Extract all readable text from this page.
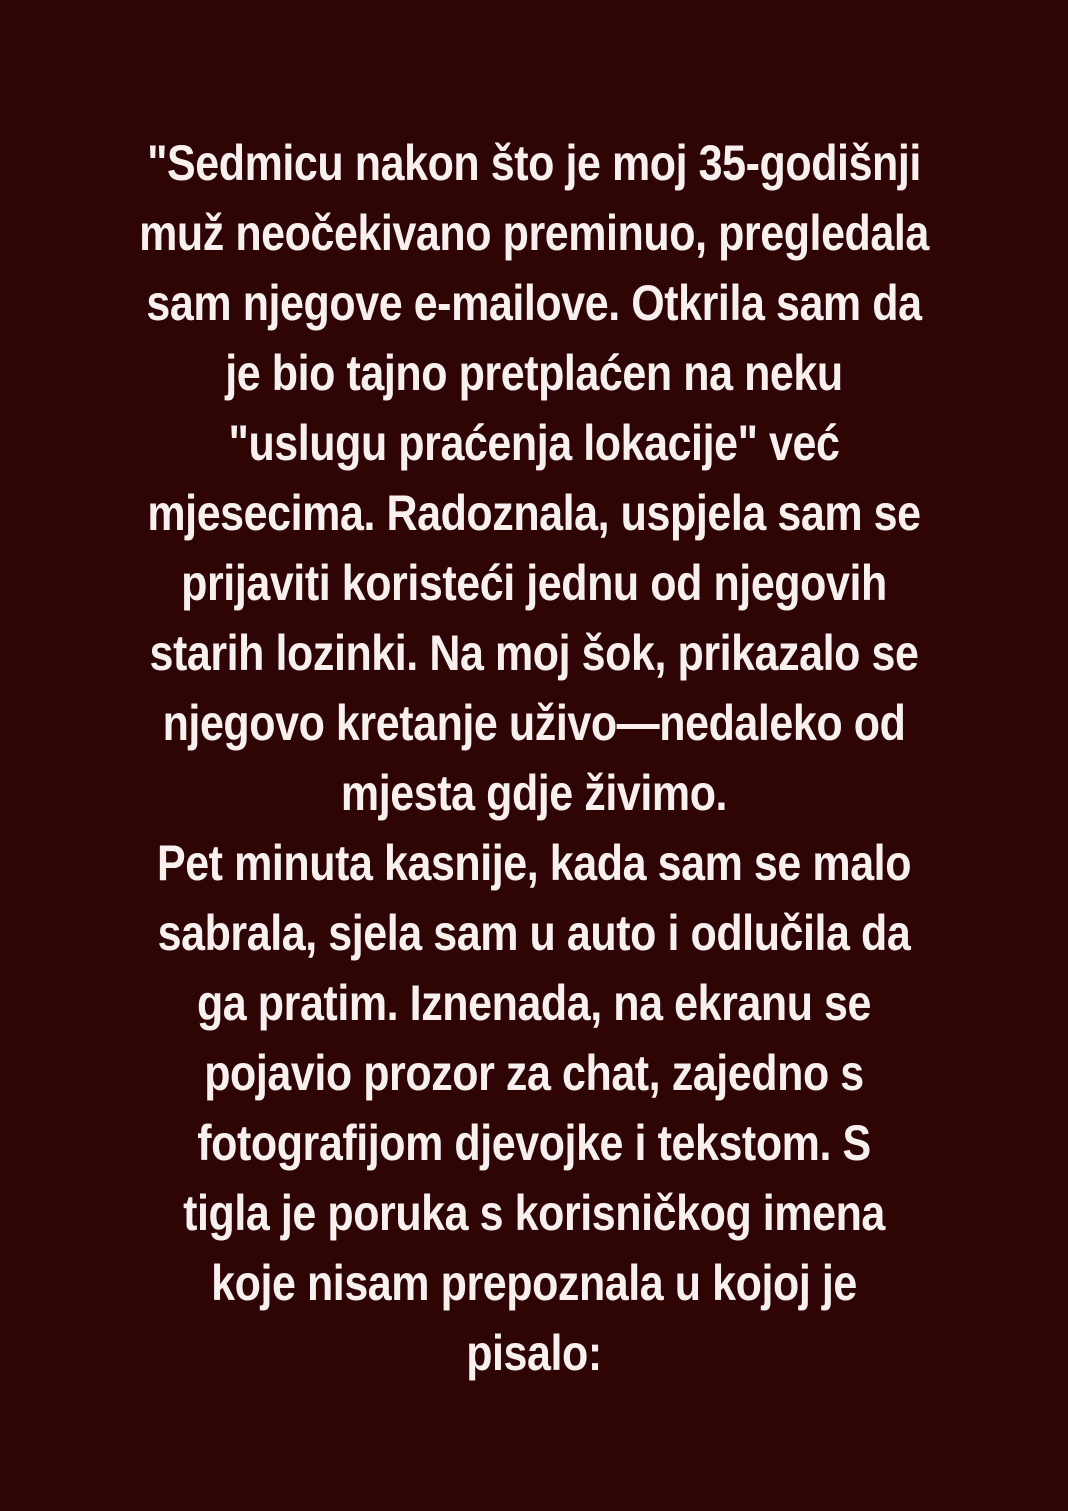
"Sedmicu nakon što je moj 35-godišnji
muž neočekivano preminuo, pregledala
sam njegove e-mailove. Otkrila sam da
je bio tajno pretplaćen na neku
"uslugu praćenja lokacije" već
mjesecima. Radoznala, uspjela sam se
prijaviti koristeći jednu od njegovih
starih lozinki. Na moj šok, prikazalo se
njegovo kretanje uživo—nedaleko od
mjesta gdje živimo.
Pet minuta kasnije, kada sam se malo
sabrala, sjela sam u auto i odlučila da
ga pratim. Iznenada, na ekranu se
pojavio prozor za chat, zajedno s
fotografijom djevojke i tekstom. S
tigla je poruka s korisničkog imena
koje nisam prepoznala u kojoj je
pisalo:
